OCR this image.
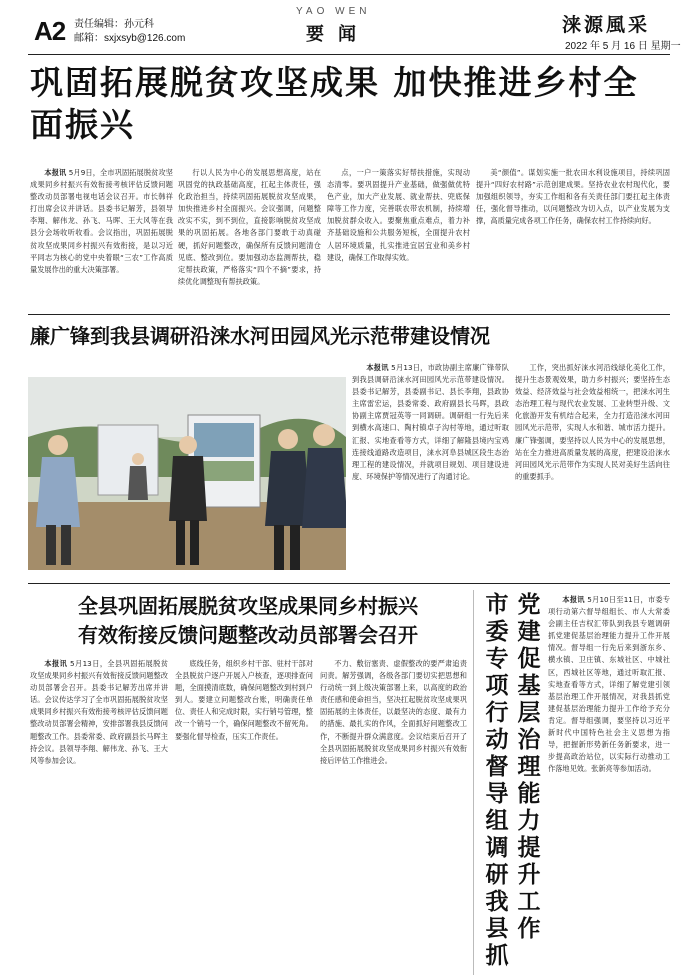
A2 责任编辑：孙元科
邮箱：sxjxsyb@126.com
YAO WEN
要闻	涞源風采
2022 年 5 月 16 日 星期一
巩固拓展脱贫攻坚成果 加快推进乡村全面振兴

本报讯 5月9日，全市巩固拓展脱贫攻坚成果同乡村振兴有效衔接考核评估反馈问题整改动员部署电视电话会议召开。市长韩祥打出席会议并讲话。县委书记解芳，县领导李翔、解伟龙、孙飞、马晖、王大风等在我县分会场收听收看。会议指出，巩固拓展脱贫攻坚成果同乡村振兴有效衔接，是以习近平同志为核心的党中央着眼“三农”工作高质量发展作出的重大决策部署。

行以人民为中心的发展思想高度，站在巩固党的执政基础高度，扛起主体责任，强化政治担当，持续巩固拓展脱贫攻坚成果，加快推进乡村全面振兴。会议强调，问题整改实不实，到不到位，直接影响脱贫攻坚成果的巩固拓展。各地各部门要敢于动真碰硬，抓好问题整改，确保所有反馈问题清仓见底、整改到位。要加强动态监测帮扶，稳定帮扶政策，严格落实“四个不摘”要求，持续优化调整现有帮扶政策。

点，一户一策落实好帮扶措施，实现动态清零。要巩固提升产业基础，做强做优特色产业，加大产业发展、就业帮扶、兜底保障等工作力度，完善联农带农机制，持续增加脱贫群众收入。要聚焦重点难点，着力补齐基础设施和公共服务短板，全面提升农村人居环境质量，扎实推进宜居宜业和美乡村建设，确保工作取得实效。

美“颜值”。谋划实施一批农田水利设施项目，持续巩固提升“四好农村路”示范创建成果。坚持农业农村现代化，要加强组织领导，夯实工作组和各有关责任部门要扛起主体责任，强化督导推动，以问题整改为切入点，以产业发展为支撑，高质量完成各项工作任务，确保农村工作持续向好。

廉广锋到我县调研沿涞水河田园风光示范带建设情况

本报讯 5月13日，市政协副主席廉广锋带队到我县调研沿涞水河田园风光示范带建设情况。县委书记解芳，县委副书记、县长李翔，县政协主席雷宏运，县委常委、政府副县长马晖，县政协副主席贾冠英等一同调研。调研组一行先后来到横水高速口、陶村镇卓子沟村等地，通过听取汇报、实地查看等方式，详细了解隆县境内宝鸡连接线道路改造项目，涞水河阜县城区段生态治理工程的建设情况，并就项目规划、项目建设进度、环境保护等情况进行了沟通讨论。

工作，突出抓好涞水河沿线绿化美化工作，提升生态景观效果，助力乡村振兴；要坚持生态效益、经济效益与社会效益相统一，把涞水河生态治理工程与现代农业发展、工业转型升级、文化旅游开发有机结合起来，全力打造沿涞水河田园风光示范带，实现人水和谐、城市活力提升。廉广锋强调，要坚持以人民为中心的发展思想，站在全力推进高质量发展的高度，把建设沿涞水河田园风光示范带作为实现人民对美好生活向往的重要抓手。

全县巩固拓展脱贫攻坚成果同乡村振兴
有效衔接反馈问题整改动员部署会召开

本报讯 5月13日，全县巩固拓展脱贫攻坚成果同乡村振兴有效衔接反馈问题整改动员部署会召开。县委书记解芳出席并讲话。会议传达学习了全市巩固拓展脱贫攻坚成果同乡村振兴有效衔接考核评估反馈问题整改动员部署会精神，安排部署我县反馈问题整改工作。县委常委、政府副县长马晖主持会议。县领导李翔、解伟龙、孙飞、王大风等参加会议。

底线任务，组织乡村干部、驻村干部对全县脱贫户逐户开展入户核查，逐项排查问题，全面摸清底数，确保问题整改到村到户到人。要建立问题整改台账，明确责任单位、责任人和完成时限，实行销号管理，整改一个销号一个，确保问题整改不留死角。要强化督导检查，压实工作责任。

不力、敷衍塞责、虚假整改的要严肃追责问责。解芳强调，各级各部门要切实把思想和行动统一到上级决策部署上来，以高度的政治责任感和使命担当，坚决扛起脱贫攻坚成果巩固拓展的主体责任，以最坚决的态度、最有力的措施、最扎实的作风，全面抓好问题整改工作，不断提升群众满意度。会议结束后召开了全县巩固拓展脱贫攻坚成果同乡村振兴有效衔接后评估工作推进会。

党建促基层治理能力提升工作
市委专项行动督导组调研我县抓

本报讯 5月10日至11日，市委专项行动第六督导组组长、市人大常委会副主任吉权汇带队到我县专题调研抓党建促基层治理能力提升工作开展情况。督导组一行先后来到浙东乡、横水镇、卫庄镇、东城社区、中城社区，西城社区等地，通过听取汇报、实地查看等方式，详细了解党建引领基层治理工作开展情况，对我县抓党建促基层治理能力提升工作给予充分肯定。督导组强调，要坚持以习近平新时代中国特色社会主义思想为指导，把握新形势新任务新要求，进一步提高政治站位，以实际行动推动工作落地见效。张新亮等参加活动。
